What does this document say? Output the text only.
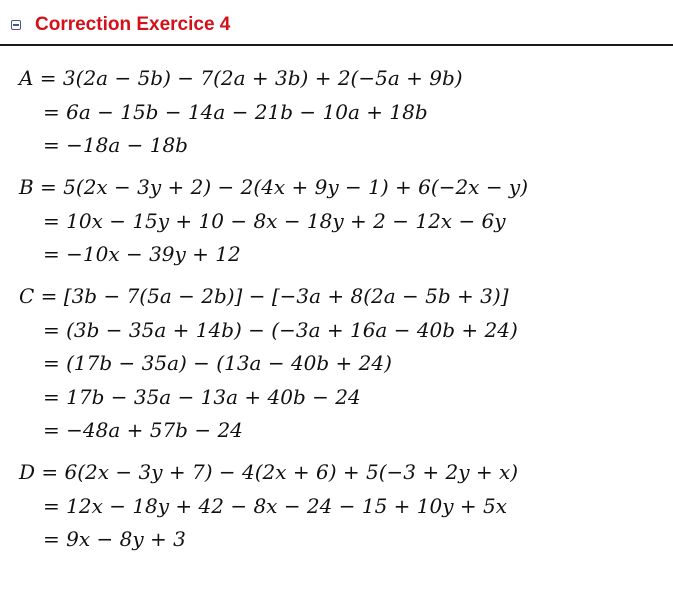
Correction Exercice 4
A = 3(2a − 5b) − 7(2a + 3b) + 2(−5a + 9b)
= 6a − 15b − 14a − 21b − 10a + 18b
= −18a − 18b
B = 5(2x − 3y + 2) − 2(4x + 9y − 1) + 6(−2x − y)
= 10x − 15y + 10 − 8x − 18y + 2 − 12x − 6y
= −10x − 39y + 12
C = [3b − 7(5a − 2b)] − [−3a + 8(2a − 5b + 3)]
= (3b − 35a + 14b) − (−3a + 16a − 40b + 24)
= (17b − 35a) − (13a − 40b + 24)
= 17b − 35a − 13a + 40b − 24
= −48a + 57b − 24
D = 6(2x − 3y + 7) − 4(2x + 6) + 5(−3 + 2y + x)
= 12x − 18y + 42 − 8x − 24 − 15 + 10y + 5x
= 9x − 8y + 3
